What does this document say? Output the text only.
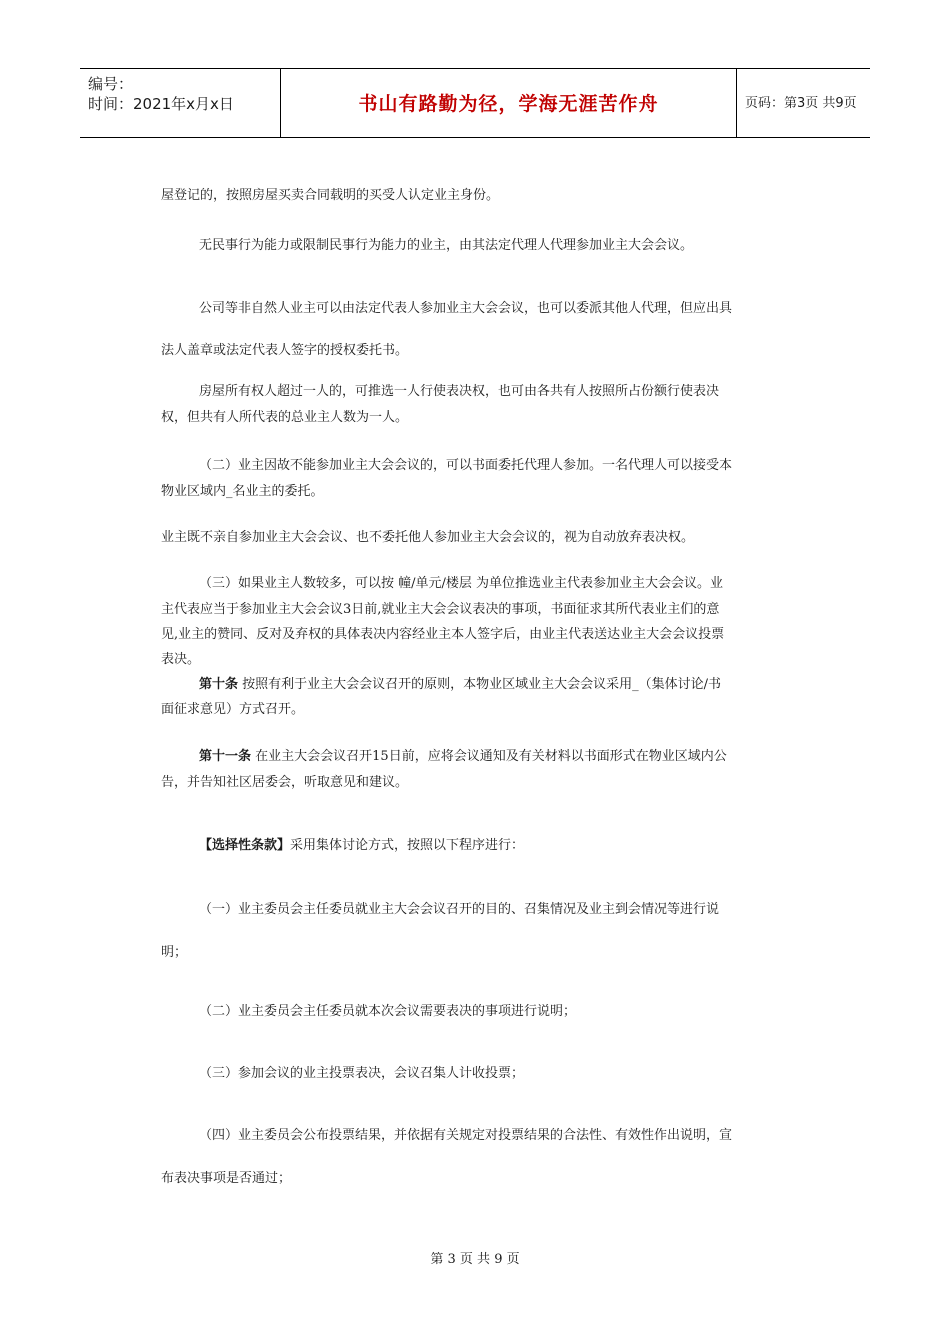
编号：
时间：2021年x月x日	书山有路勤为径，学海无涯苦作舟	页码：第3页 共9页
屋登记的，按照房屋买卖合同载明的买受人认定业主身份。
无民事行为能力或限制民事行为能力的业主，由其法定代理人代理参加业主大会会议。
公司等非自然人业主可以由法定代表人参加业主大会会议，也可以委派其他人代理，但应出具
法人盖章或法定代表人签字的授权委托书。
房屋所有权人超过一人的，可推选一人行使表决权，也可由各共有人按照所占份额行使表决
权，但共有人所代表的总业主人数为一人。
（二）业主因故不能参加业主大会会议的，可以书面委托代理人参加。一名代理人可以接受本
物业区域内_名业主的委托。
业主既不亲自参加业主大会会议、也不委托他人参加业主大会会议的，视为自动放弃表决权。
（三）如果业主人数较多，可以按 幢/单元/楼层 为单位推选业主代表参加业主大会会议。业
主代表应当于参加业主大会会议3日前,就业主大会会议表决的事项，书面征求其所代表业主们的意
见,业主的赞同、反对及弃权的具体表决内容经业主本人签字后，由业主代表送达业主大会会议投票
表决。
第十条 按照有利于业主大会会议召开的原则，本物业区域业主大会会议采用_（集体讨论/书
面征求意见）方式召开。
第十一条 在业主大会会议召开15日前，应将会议通知及有关材料以书面形式在物业区域内公
告，并告知社区居委会，听取意见和建议。
【选择性条款】采用集体讨论方式，按照以下程序进行：
（一）业主委员会主任委员就业主大会会议召开的目的、召集情况及业主到会情况等进行说
明；
（二）业主委员会主任委员就本次会议需要表决的事项进行说明；
（三）参加会议的业主投票表决，会议召集人计收投票；
（四）业主委员会公布投票结果，并依据有关规定对投票结果的合法性、有效性作出说明，宣
布表决事项是否通过；
第 3 页 共 9 页
